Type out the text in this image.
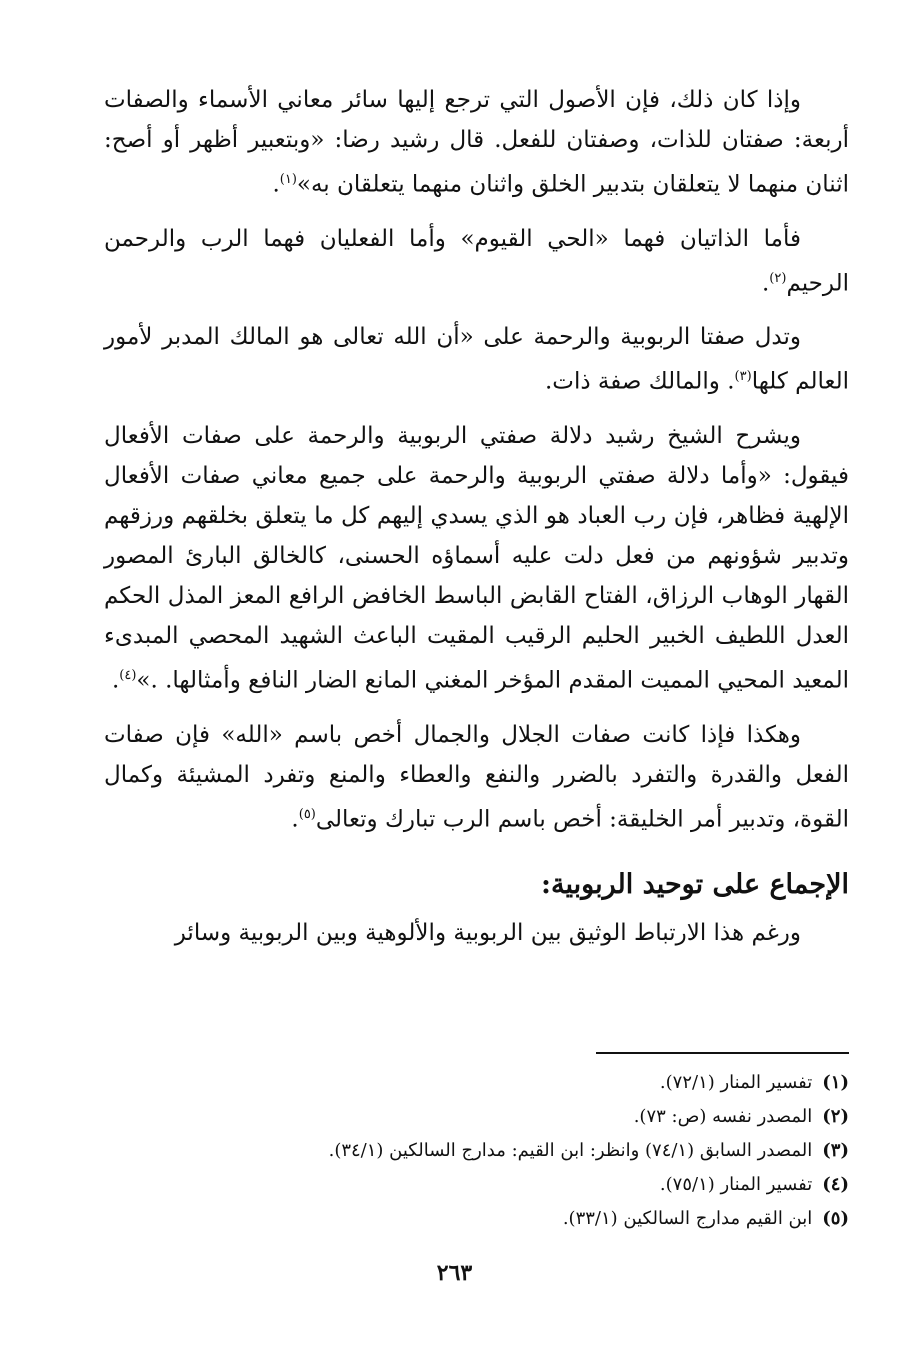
وإذا كان ذلك، فإن الأصول التي ترجع إليها سائر معاني الأسماء والصفات أربعة: صفتان للذات، وصفتان للفعل. قال رشيد رضا: «وبتعبير أظهر أو أصح: اثنان منهما لا يتعلقان بتدبير الخلق واثنان منهما يتعلقان به»$^{(١)}$.

فأما الذاتيان فهما «الحي القيوم» وأما الفعليان فهما الرب والرحمن الرحيم$^{(٢)}$.

وتدل صفتا الربوبية والرحمة على «أن الله تعالى هو المالك المدبر لأمور العالم كلها$^{(٣)}$. والمالك صفة ذات.

ويشرح الشيخ رشيد دلالة صفتي الربوبية والرحمة على صفات الأفعال فيقول: «وأما دلالة صفتي الربوبية والرحمة على جميع معاني صفات الأفعال الإلهية فظاهر، فإن رب العباد هو الذي يسدي إليهم كل ما يتعلق بخلقهم ورزقهم وتدبير شؤونهم من فعل دلت عليه أسماؤه الحسنى، كالخالق البارئ المصور القهار الوهاب الرزاق، الفتاح القابض الباسط الخافض الرافع المعز المذل الحكم العدل اللطيف الخبير الحليم الرقيب المقيت الباعث الشهيد المحصي المبدىء المعيد المحيي المميت المقدم المؤخر المغني المانع الضار النافع وأمثالها. .»$^{(٤)}$.

وهكذا فإذا كانت صفات الجلال والجمال أخص باسم «الله» فإن صفات الفعل والقدرة والتفرد بالضرر والنفع والعطاء والمنع وتفرد المشيئة وكمال القوة، وتدبير أمر الخليقة: أخص باسم الرب تبارك وتعالى$^{(٥)}$.

الإجماع على توحيد الربوبية:

ورغم هذا الارتباط الوثيق بين الربوبية والألوهية وبين الربوبية وسائر

(١)تفسير المنار (٧٢/١).
(٢)المصدر نفسه (ص: ٧٣).
(٣)المصدر السابق (٧٤/١) وانظر: ابن القيم: مدارج السالكين (٣٤/١).
(٤)تفسير المنار (٧٥/١).
(٥)ابن القيم مدارج السالكين (٣٣/١).
٢٦٣
